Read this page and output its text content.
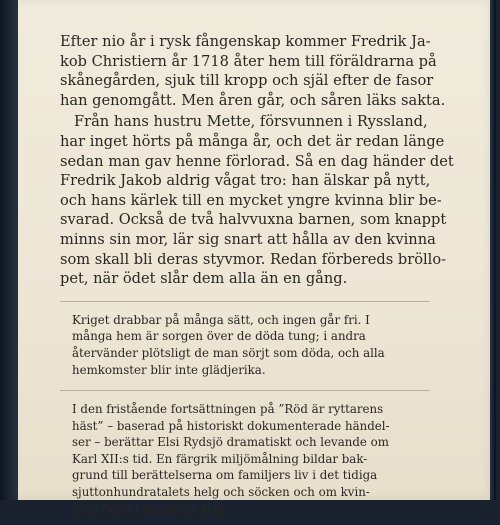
Efter nio år i rysk fångenskap kommer Fredrik Ja-
kob Christiern år 1718 åter hem till föräldrarna på
skånegården, sjuk till kropp och själ efter de fasor
han genomgått. Men åren går, och såren läks sakta.

Från hans hustru Mette, försvunnen i Ryssland,
har inget hörts på många år, och det är redan länge
sedan man gav henne förlorad. Så en dag händer det
Fredrik Jakob aldrig vågat tro: han älskar på nytt,
och hans kärlek till en mycket yngre kvinna blir be-
svarad. Också de två halvvuxna barnen, som knappt
minns sin mor, lär sig snart att hålla av den kvinna
som skall bli deras styvmor. Redan förbereds bröllo-
pet, när ödet slår dem alla än en gång.

Kriget drabbar på många sätt, och ingen går fri. I
många hem är sorgen över de döda tung; i andra
återvänder plötsligt de man sörjt som döda, och alla
hemkomster blir inte glädjerika.

I den fristående fortsättningen på ”Röd är ryttarens
häst” – baserad på historiskt dokumenterade händel-
ser – berättar Elsi Rydsjö dramatiskt och levande om
Karl XII:s tid. En färgrik miljömålning bildar bak-
grund till berättelserna om familjers liv i det tidiga
sjuttonhundratalets helg och söcken och om kvin-
nors öden i mannens krig.
